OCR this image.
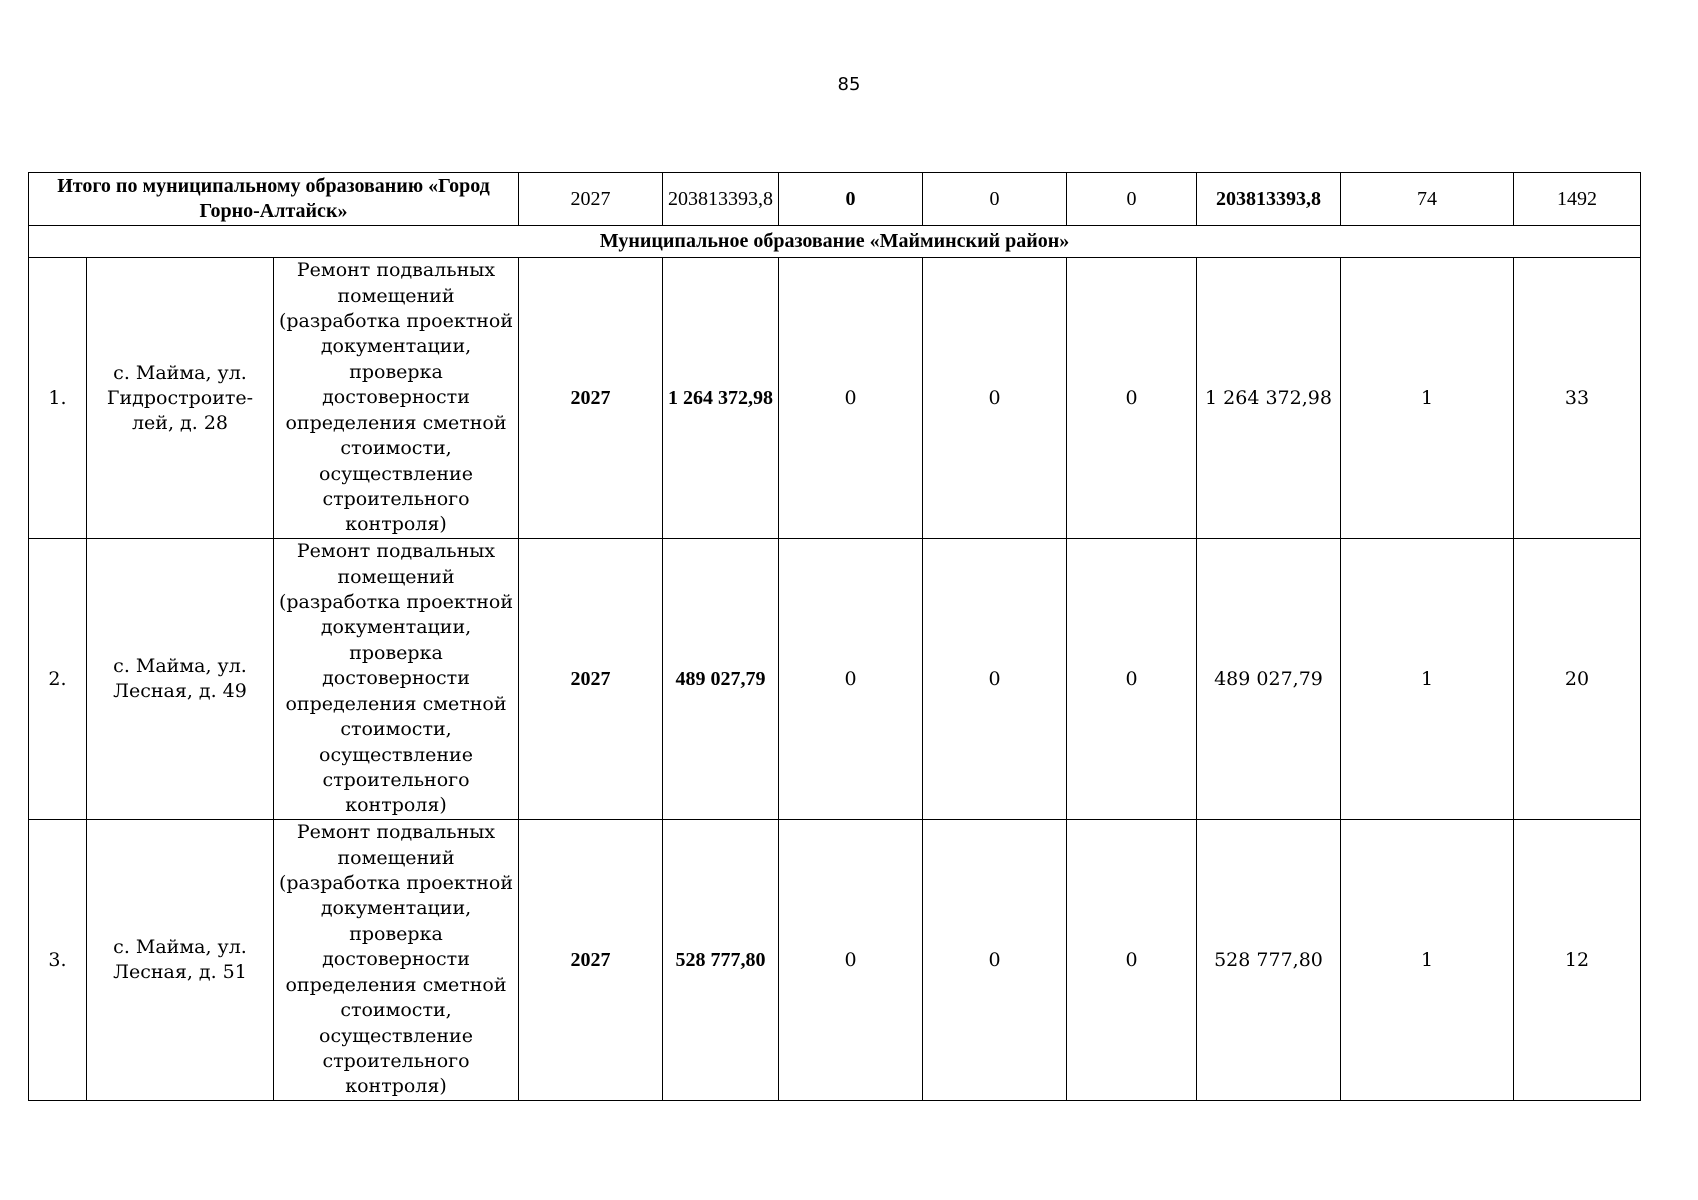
85
Итого по муниципальному образованию «Город Горно-Алтайск»			2027	203813393,8	0	0	0	203813393,8	74	1492
Муниципальное образование «Майминский район»										
1.	с. Майма, ул. Гидростроите-лей, д. 28	Ремонт подвальных помещений (разработка проектной документации, проверка достоверности определения сметной стоимости, осуществление строительного контроля)	2027	1 264 372,98	0	0	0	1 264 372,98	1	33
2.	с. Майма, ул. Лесная, д. 49	Ремонт подвальных помещений (разработка проектной документации, проверка достоверности определения сметной стоимости, осуществление строительного контроля)	2027	489 027,79	0	0	0	489 027,79	1	20
3.	с. Майма, ул. Лесная, д. 51	Ремонт подвальных помещений (разработка проектной документации, проверка достоверности определения сметной стоимости, осуществление строительного контроля)	2027	528 777,80	0	0	0	528 777,80	1	12
